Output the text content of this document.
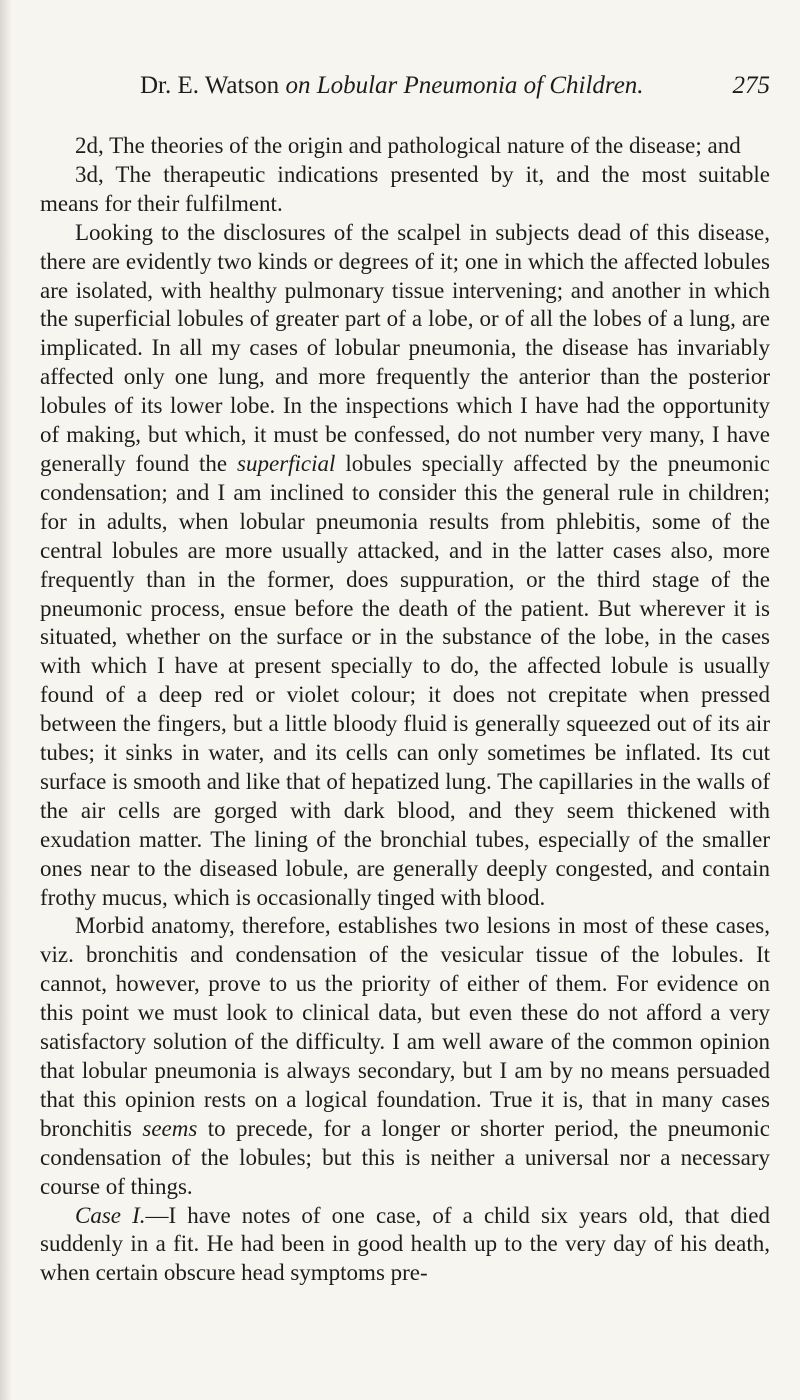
Dr. E. Watson on Lobular Pneumonia of Children.	275

2d, The theories of the origin and pathological nature of the disease; and

3d, The therapeutic indications presented by it, and the most suitable means for their fulfilment.

Looking to the disclosures of the scalpel in subjects dead of this disease, there are evidently two kinds or degrees of it; one in which the affected lobules are isolated, with healthy pulmonary tissue intervening; and another in which the superficial lobules of greater part of a lobe, or of all the lobes of a lung, are implicated. In all my cases of lobular pneumonia, the disease has invariably affected only one lung, and more frequently the anterior than the posterior lobules of its lower lobe. In the inspections which I have had the opportunity of making, but which, it must be confessed, do not number very many, I have generally found the superficial lobules specially affected by the pneumonic condensation; and I am inclined to consider this the general rule in children; for in adults, when lobular pneumonia results from phlebitis, some of the central lobules are more usually attacked, and in the latter cases also, more frequently than in the former, does suppuration, or the third stage of the pneumonic process, ensue before the death of the patient. But wherever it is situated, whether on the surface or in the substance of the lobe, in the cases with which I have at present specially to do, the affected lobule is usually found of a deep red or violet colour; it does not crepitate when pressed between the fingers, but a little bloody fluid is generally squeezed out of its air tubes; it sinks in water, and its cells can only sometimes be inflated. Its cut surface is smooth and like that of hepatized lung. The capillaries in the walls of the air cells are gorged with dark blood, and they seem thickened with exudation matter. The lining of the bronchial tubes, especially of the smaller ones near to the diseased lobule, are generally deeply congested, and contain frothy mucus, which is occasionally tinged with blood.

Morbid anatomy, therefore, establishes two lesions in most of these cases, viz. bronchitis and condensation of the vesicular tissue of the lobules. It cannot, however, prove to us the priority of either of them. For evidence on this point we must look to clinical data, but even these do not afford a very satisfactory solution of the difficulty. I am well aware of the common opinion that lobular pneumonia is always secondary, but I am by no means persuaded that this opinion rests on a logical foundation. True it is, that in many cases bronchitis seems to precede, for a longer or shorter period, the pneumonic condensation of the lobules; but this is neither a universal nor a necessary course of things.

Case I.—I have notes of one case, of a child six years old, that died suddenly in a fit. He had been in good health up to the very day of his death, when certain obscure head symptoms pre-
